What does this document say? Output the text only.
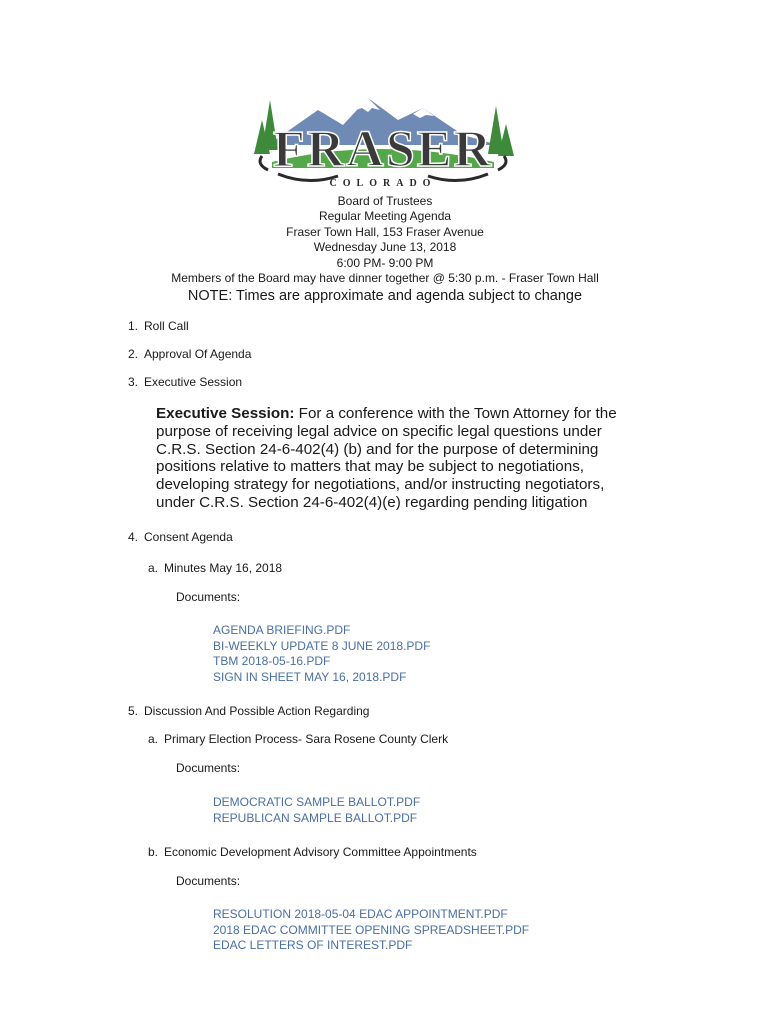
FRASER
COLORADO
Board of Trustees
Regular Meeting Agenda
Fraser Town Hall, 153 Fraser Avenue
Wednesday June 13, 2018
6:00 PM- 9:00 PM
Members of the Board may have dinner together @ 5:30 p.m. - Fraser Town Hall
NOTE: Times are approximate and agenda subject to change
1. Roll Call
2. Approval Of Agenda
3. Executive Session
Executive Session: For a conference with the Town Attorney for the purpose of receiving legal advice on specific legal questions under C.R.S. Section 24-6-402(4) (b) and for the purpose of determining positions relative to matters that may be subject to negotiations, developing strategy for negotiations, and/or instructing negotiators, under C.R.S. Section 24-6-402(4)(e) regarding pending litigation
4. Consent Agenda
a. Minutes May 16, 2018
Documents:
AGENDA BRIEFING.PDF
BI-WEEKLY UPDATE 8 JUNE 2018.PDF
TBM 2018-05-16.PDF
SIGN IN SHEET MAY 16, 2018.PDF
5. Discussion And Possible Action Regarding
a. Primary Election Process- Sara Rosene County Clerk
Documents:
DEMOCRATIC SAMPLE BALLOT.PDF
REPUBLICAN SAMPLE BALLOT.PDF
b. Economic Development Advisory Committee Appointments
Documents:
RESOLUTION 2018-05-04 EDAC APPOINTMENT.PDF
2018 EDAC COMMITTEE OPENING SPREADSHEET.PDF
EDAC LETTERS OF INTEREST.PDF
